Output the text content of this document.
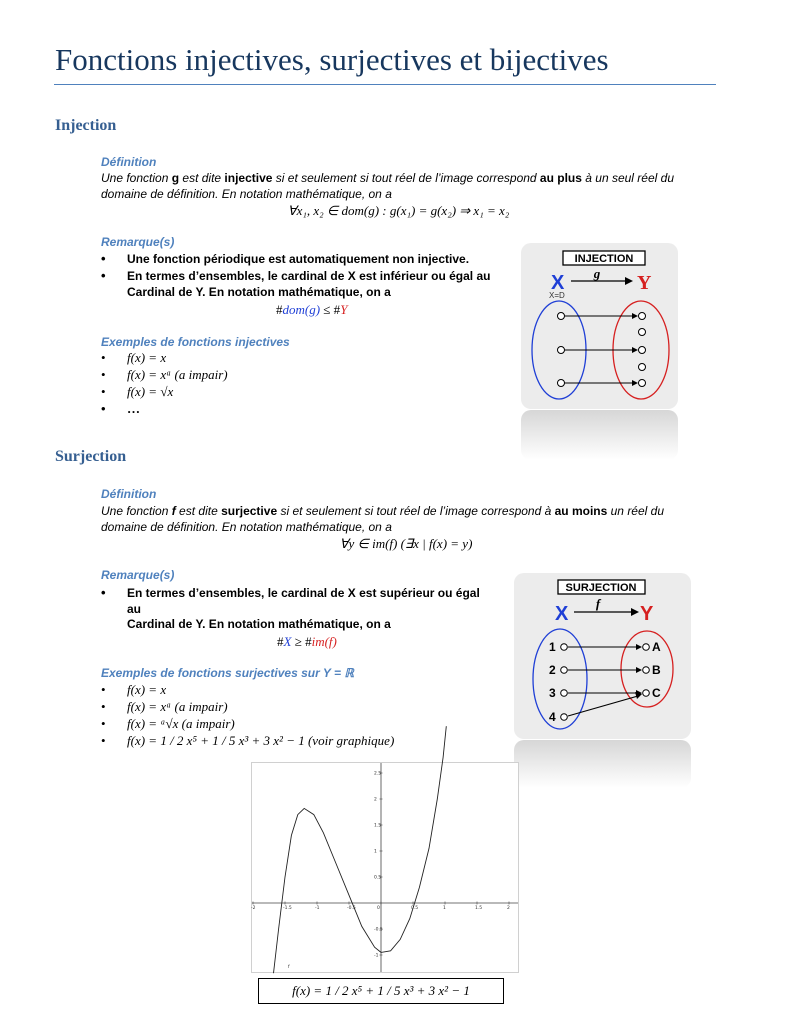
Fonctions injectives, surjectives et bijectives
Injection
Définition
Une fonction g est dite injective si et seulement si tout réel de l’image correspond au plus à un seul réel du
domaine de définition. En notation mathématique, on a
∀x₁, x₂ ∈ dom(g) : g(x₁) = g(x₂) ⇒ x₁ = x₂
Remarque(s)
• Une fonction périodique est automatiquement non injective.
• En termes d’ensembles, le cardinal de X est inférieur ou égal au
Cardinal de Y. En notation mathématique, on a
#dom(g) ≤ #Y
Exemples de fonctions injectives
• f(x) = x
• f(x) = xᵃ (a impair)
• f(x) = √x
• …
INJECTION
X g Y
X=D
Surjection
Définition
Une fonction f est dite surjective si et seulement si tout réel de l’image correspond à au moins un réel du
domaine de définition. En notation mathématique, on a
∀y ∈ im(f) (∃x | f(x) = y)
Remarque(s)
• En termes d’ensembles, le cardinal de X est supérieur ou égal
au
Cardinal de Y. En notation mathématique, on a
#X ≥ #im(f)
Exemples de fonctions surjectives sur Y = ℝ
• f(x) = x
• f(x) = xᵃ (a impair)
• f(x) = ᵃ√x (a impair)
• f(x) = 1 / 2 x⁵ + 1 / 5 x³ + 3 x² − 1 (voir graphique)
SURJECTION
X f Y
1
2
3
4
A
B
C
-2	-1.5	-1	-0.5	0	0.5	1	1.5	2
2.5
2
1.5
1
0.5
-0.5
-1
f
f(x) = 1 / 2 x⁵ + 1 / 5 x³ + 3 x² − 1
